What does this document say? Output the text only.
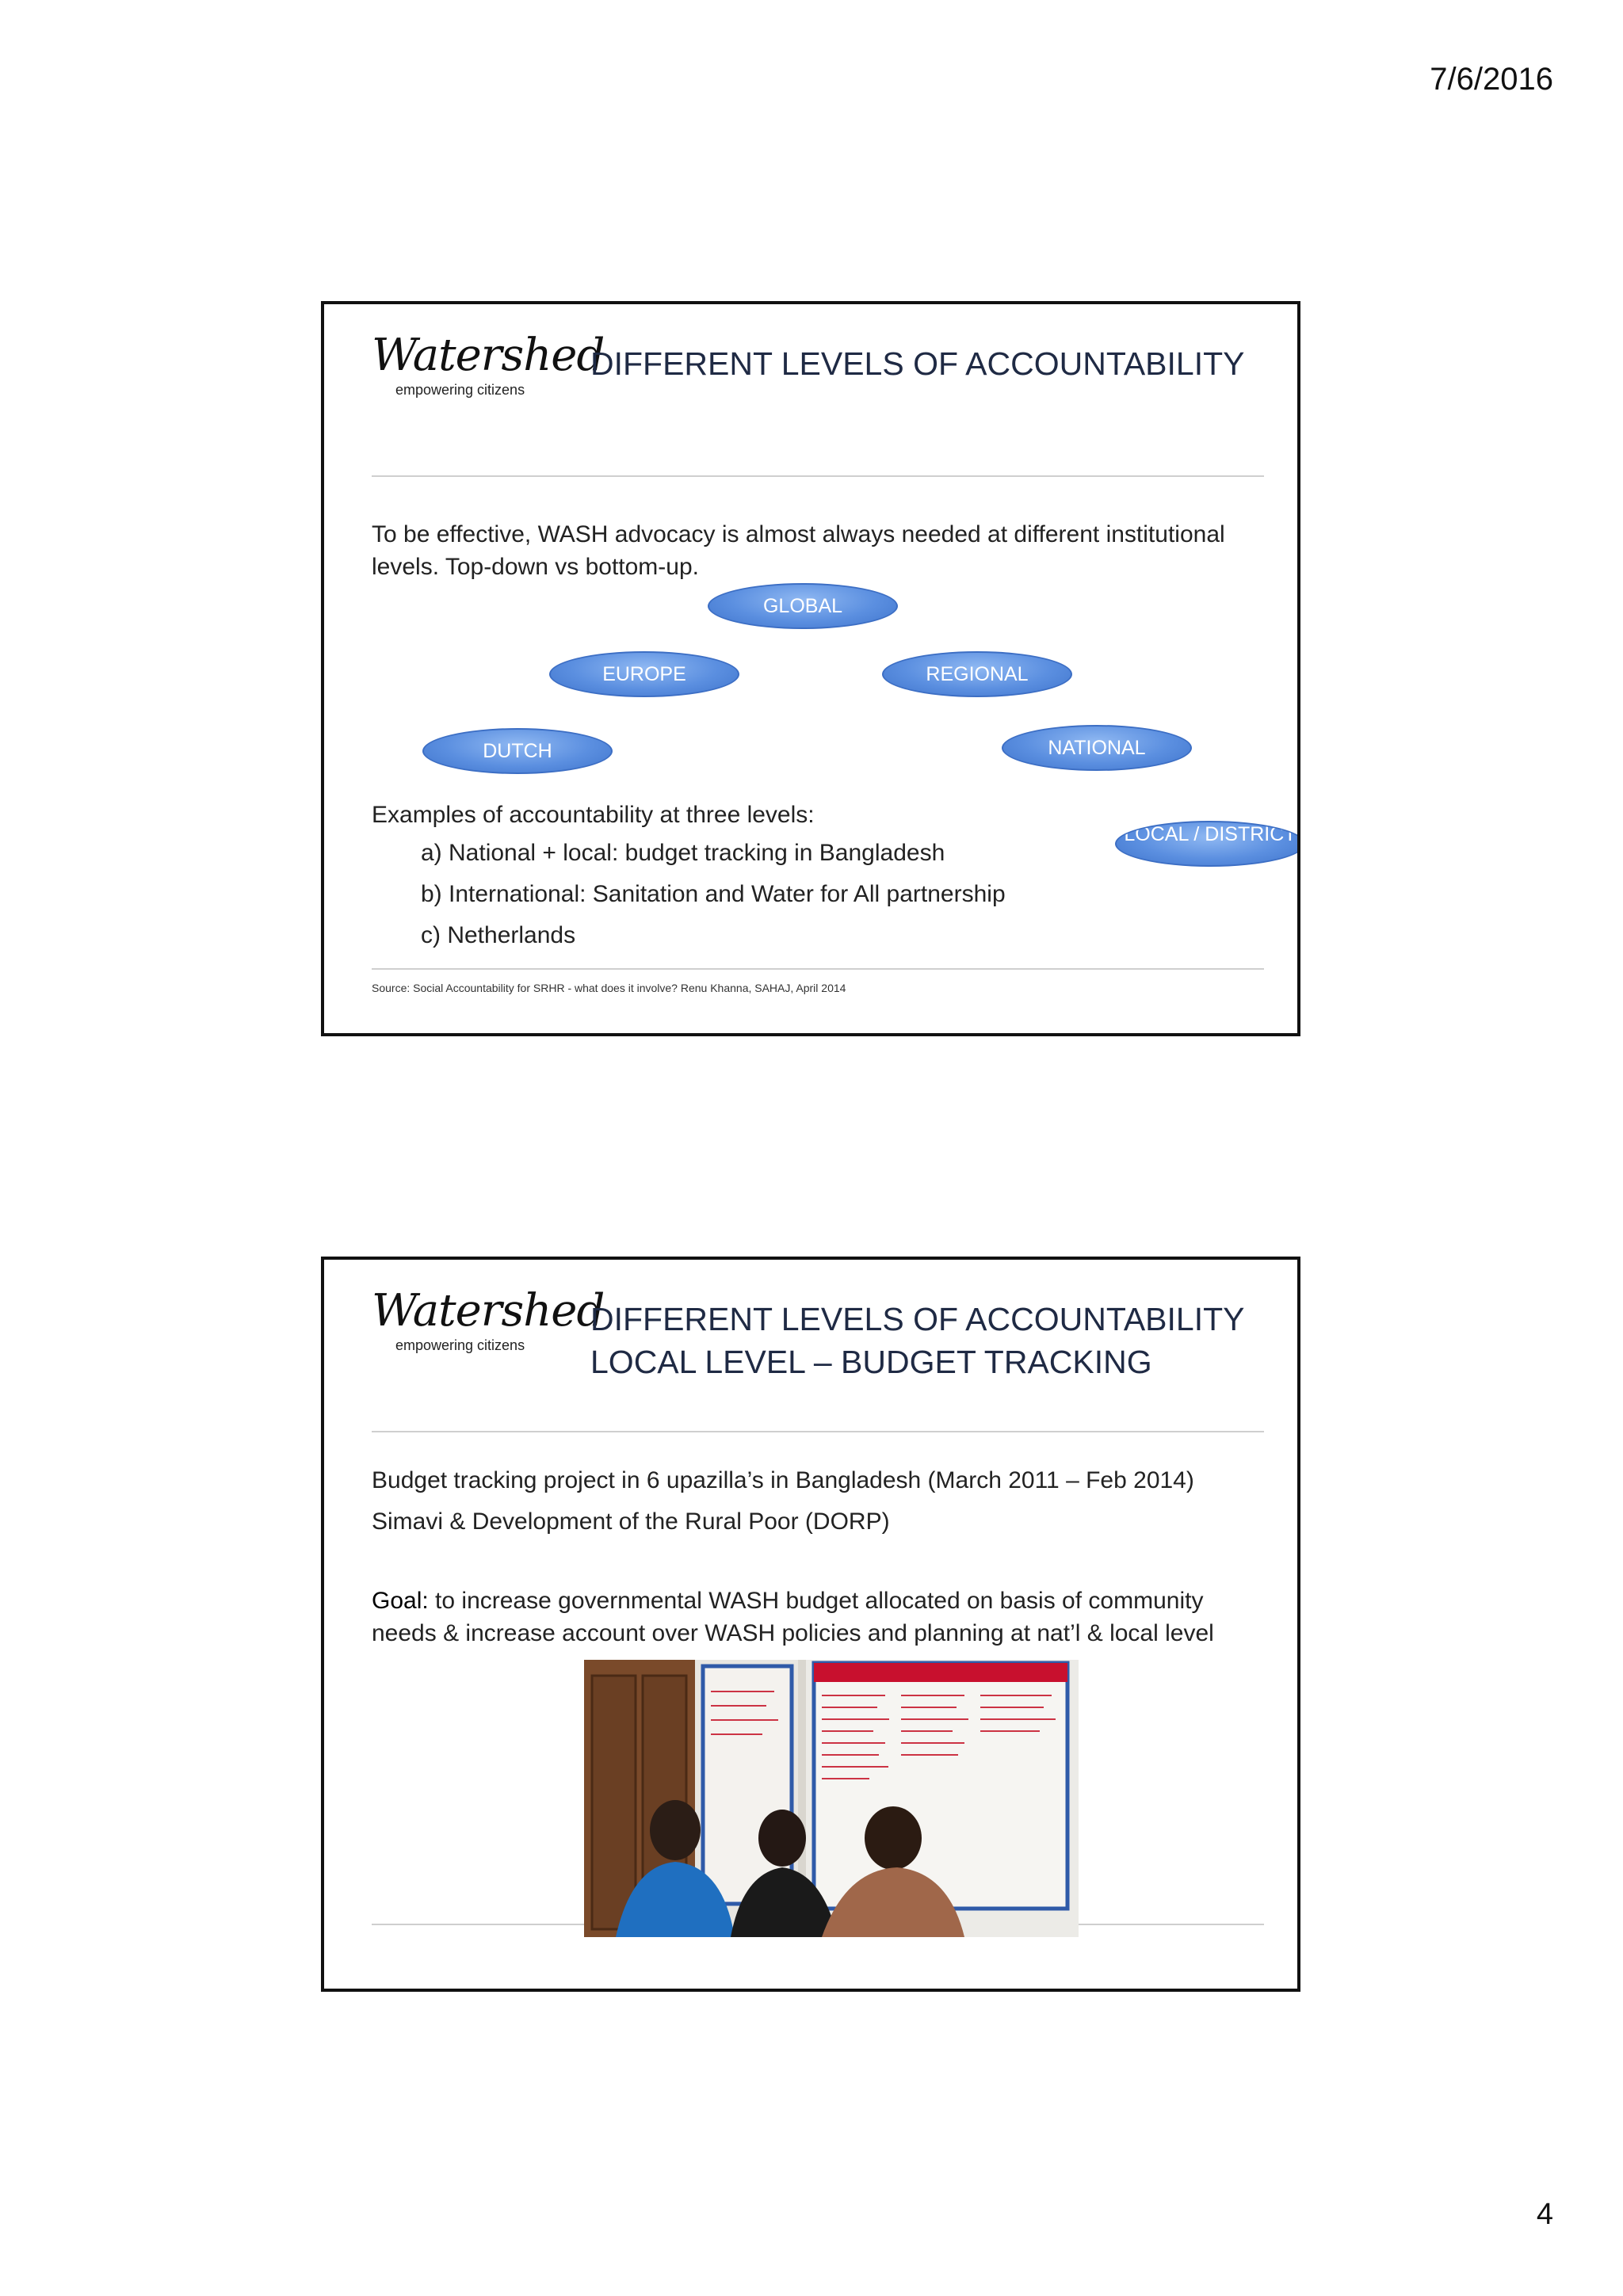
7/6/2016
Watershed
empowering citizens
DIFFERENT LEVELS OF ACCOUNTABILITY
To be effective, WASH advocacy is almost always needed at different institutional levels. Top-down vs bottom-up.
GLOBAL
EUROPE	REGIONAL
DUTCH	NATIONAL
LOCAL / DISTRICT
Examples of accountability at three levels:
a) National + local: budget tracking in Bangladesh
b) International: Sanitation and Water for All partnership
c) Netherlands
Source: Social Accountability for SRHR - what does it involve? Renu Khanna, SAHAJ, April 2014
Watershed
empowering citizens
DIFFERENT LEVELS OF ACCOUNTABILITY
LOCAL LEVEL – BUDGET TRACKING
Budget tracking project in 6 upazilla’s in Bangladesh (March 2011 – Feb 2014)
Simavi & Development of the Rural Poor (DORP)
Goal: to increase governmental WASH budget allocated on basis of community needs & increase account over WASH policies and planning at nat’l & local level
4
